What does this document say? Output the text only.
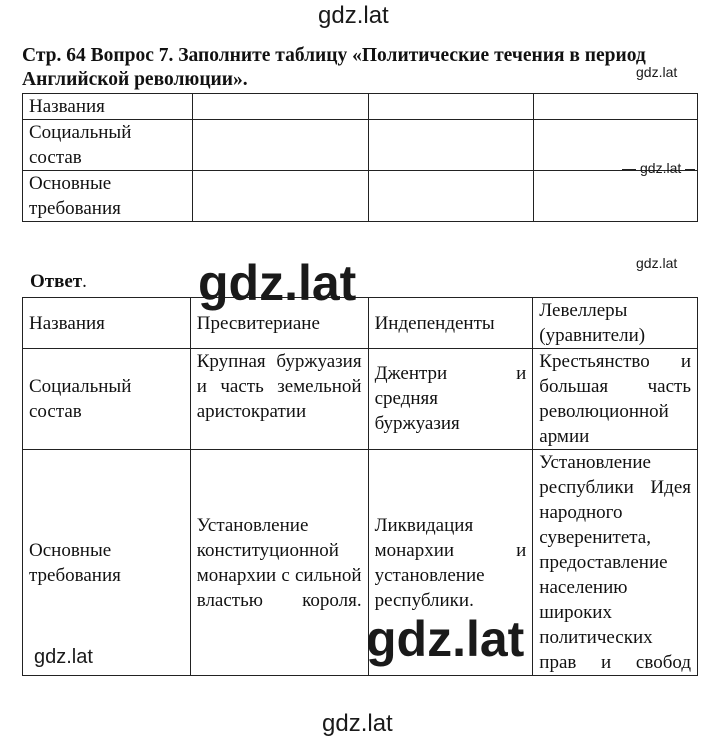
gdz.lat
Стр. 64 Вопрос 7. Заполните таблицу «Политические течения в период Английской революции».	gdz.lat
Названия			
Социальный состав			
Основные требования			
gdz.lat
gdz.lat
Ответ.
Названия	Пресвитериане	Индепенденты	Левеллеры (уравнители)
Социальный состав	Крупная буржуазия и часть земельной аристократии	Джентри и средняя буржуазия	Крестьянство и большая часть революционной армии
Основные требования	Установление конституционной монархии с сильной властью короля.	Ликвидация монархии и установление республики.	Установление республики Идея народного суверенитета, предоставление населению широких политических прав и свобод
gdz.lat
gdz.lat
gdz.lat
gdz.lat
